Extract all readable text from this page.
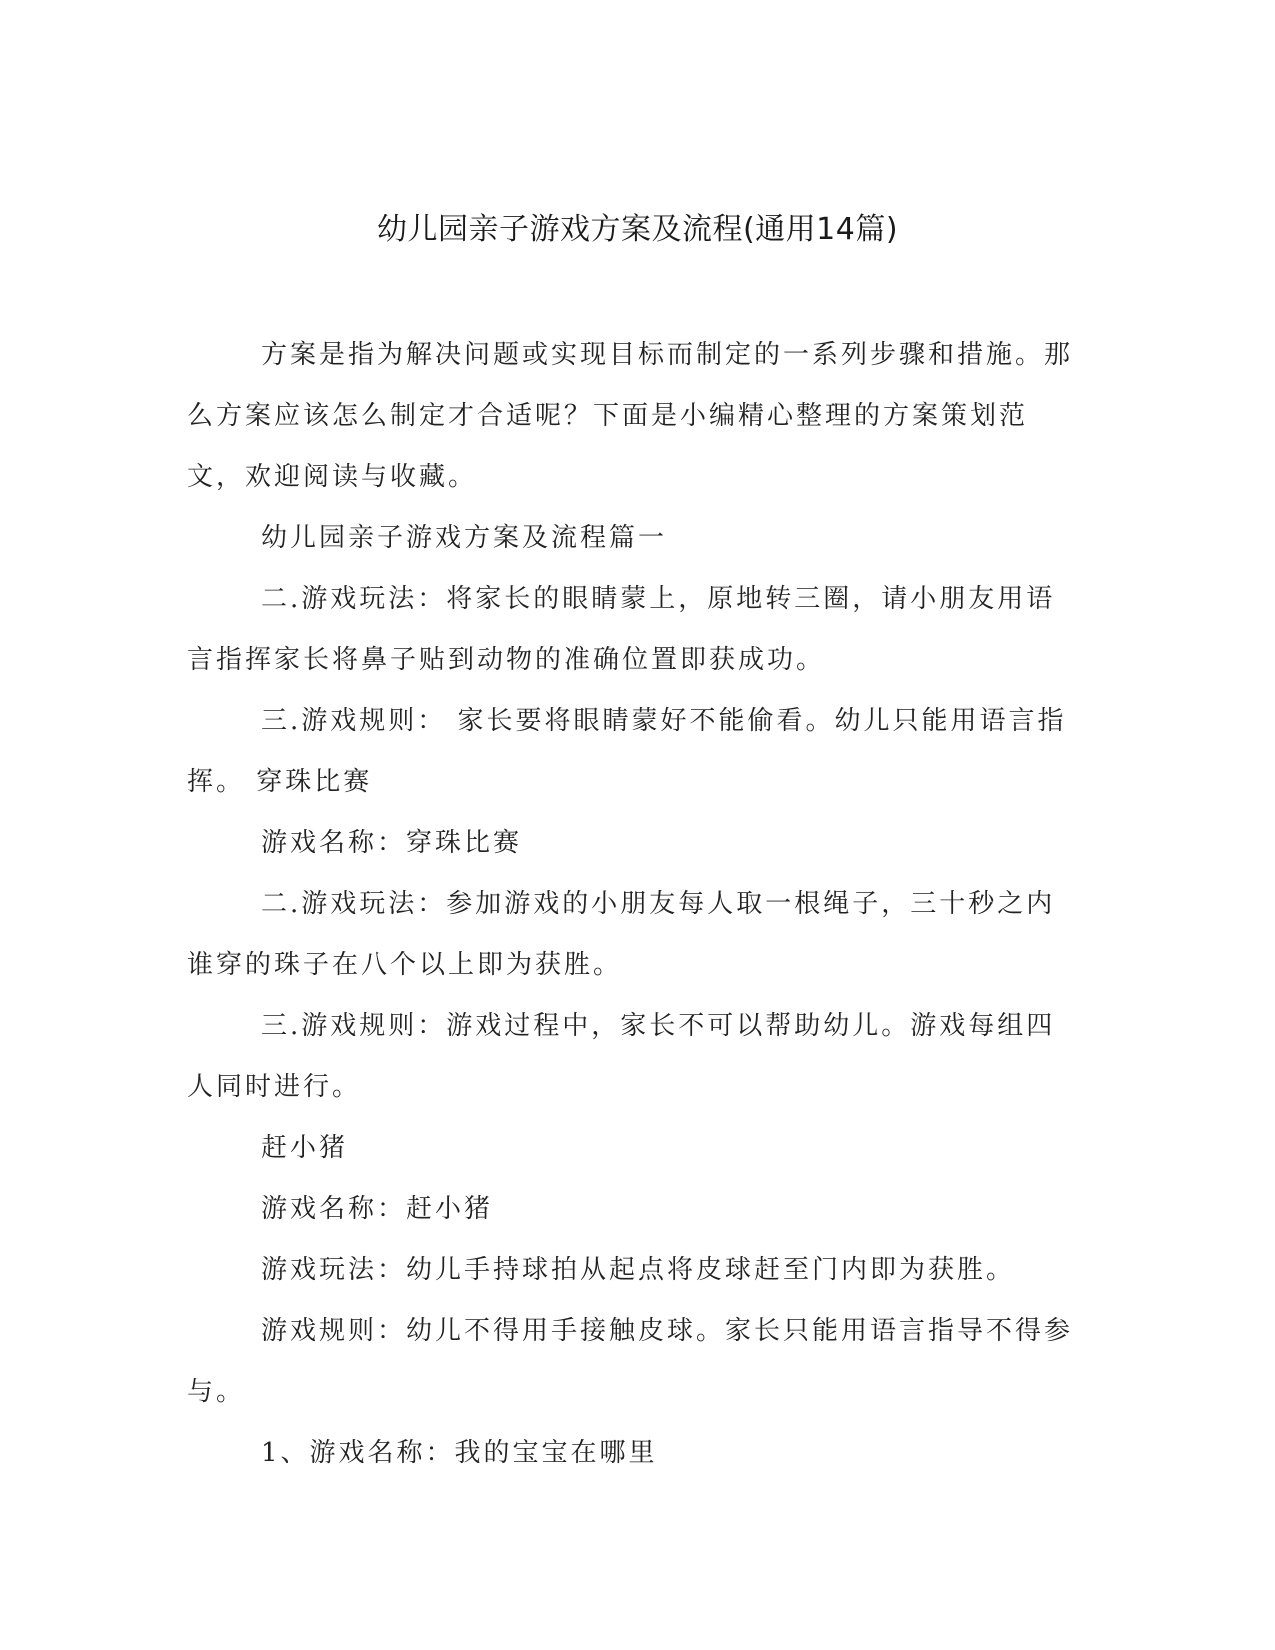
幼儿园亲子游戏方案及流程(通用14篇)

方案是指为解决问题或实现目标而制定的一系列步骤和措施。那么方案应该怎么制定才合适呢？下面是小编精心整理的方案策划范文，欢迎阅读与收藏。

幼儿园亲子游戏方案及流程篇一

二.游戏玩法：将家长的眼睛蒙上，原地转三圈，请小朋友用语言指挥家长将鼻子贴到动物的准确位置即获成功。

三.游戏规则： 家长要将眼睛蒙好不能偷看。幼儿只能用语言指挥。 穿珠比赛

游戏名称：穿珠比赛

二.游戏玩法：参加游戏的小朋友每人取一根绳子，三十秒之内谁穿的珠子在八个以上即为获胜。

三.游戏规则：游戏过程中，家长不可以帮助幼儿。游戏每组四人同时进行。

赶小猪

游戏名称：赶小猪

游戏玩法：幼儿手持球拍从起点将皮球赶至门内即为获胜。

游戏规则：幼儿不得用手接触皮球。家长只能用语言指导不得参与。

1、游戏名称：我的宝宝在哪里
